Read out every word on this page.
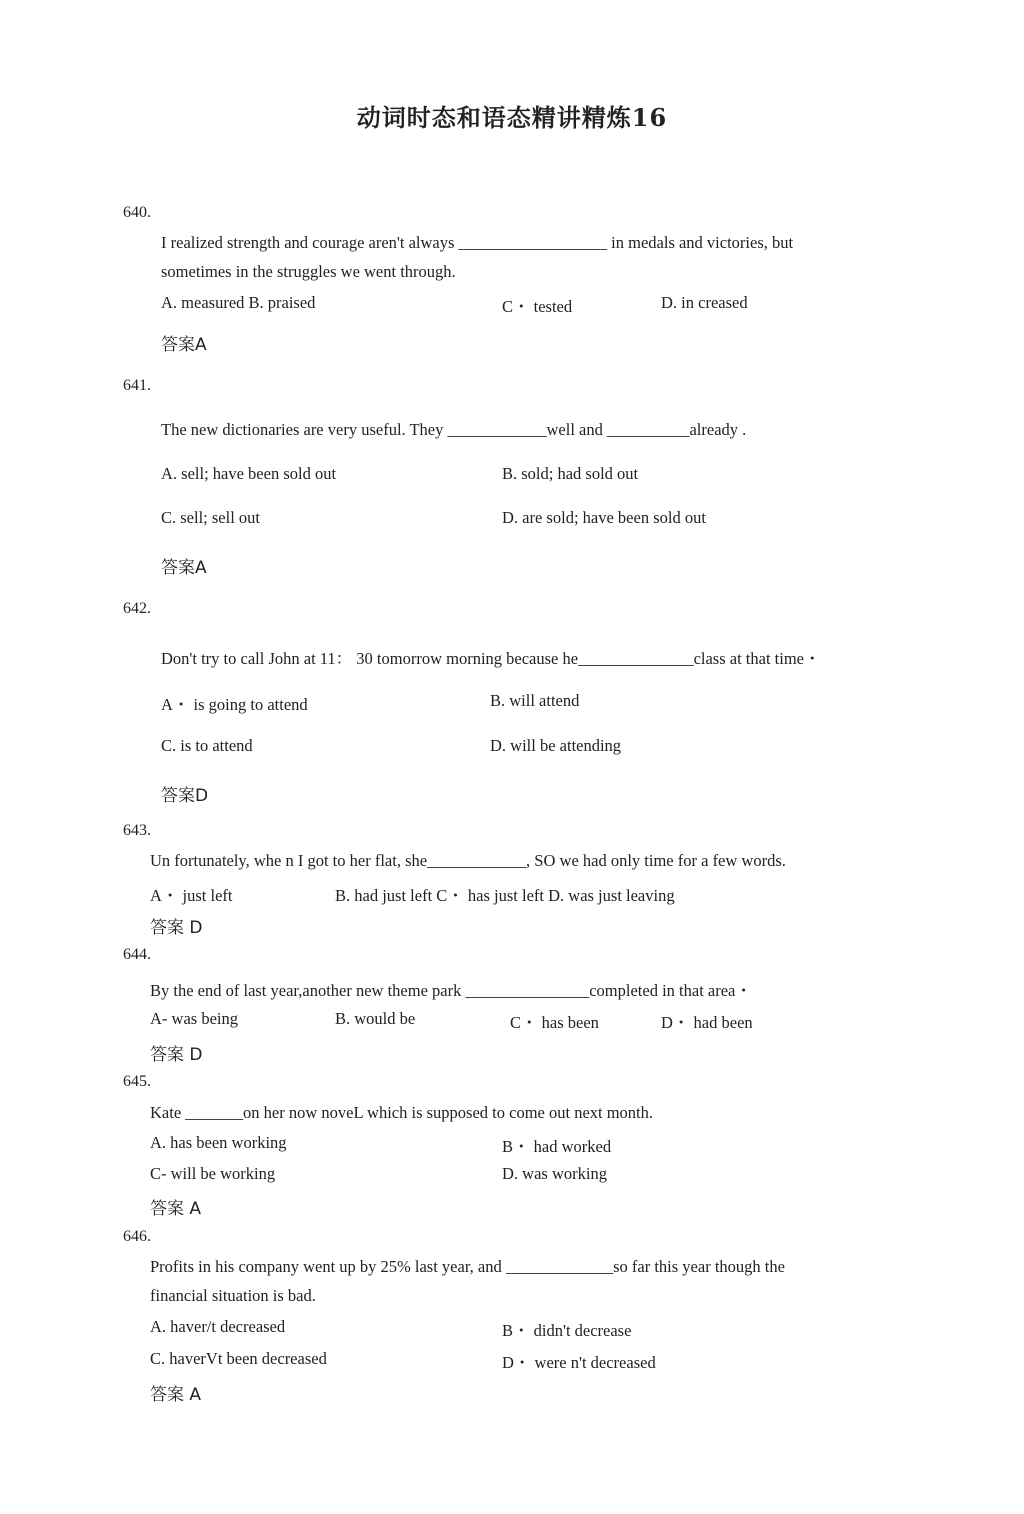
动词时态和语态精讲精炼16
640.
I realized strength and courage aren't always __________________ in medals and victories, but
sometimes in the struggles we went through.
A. measured B. praised	C・ tested	D. in creased
答案A
641.
The new dictionaries are very useful. They ____________well and __________already .
A. sell; have been sold out	B. sold; had sold out
C. sell; sell out	D. are sold; have been sold out
答案A
642.
Don't try to call John at 11： 30 tomorrow morning because he______________class at that time・
A・ is going to attend	B. will attend
C. is to attend	D. will be attending
答案D
643.
Un fortunately, whe n I got to her flat, she____________, SO we had only time for a few words.
A・ just left	B. had just left C・ has just left D. was just leaving
答案 D
644.
By the end of last year,another new theme park _______________completed in that area・
A- was being	B. would be	C・ has been	D・ had been
答案 D
645.
Kate _______on her now noveL which is supposed to come out next month.
A. has been working	B・ had worked
C- will be working	D. was working
答案 A
646.
Profits in his company went up by 25% last year, and _____________so far this year though the
financial situation is bad.
A. haver/t decreased	B・ didn't decrease
C. haverVt been decreased	D・ were n't decreased
答案 A
